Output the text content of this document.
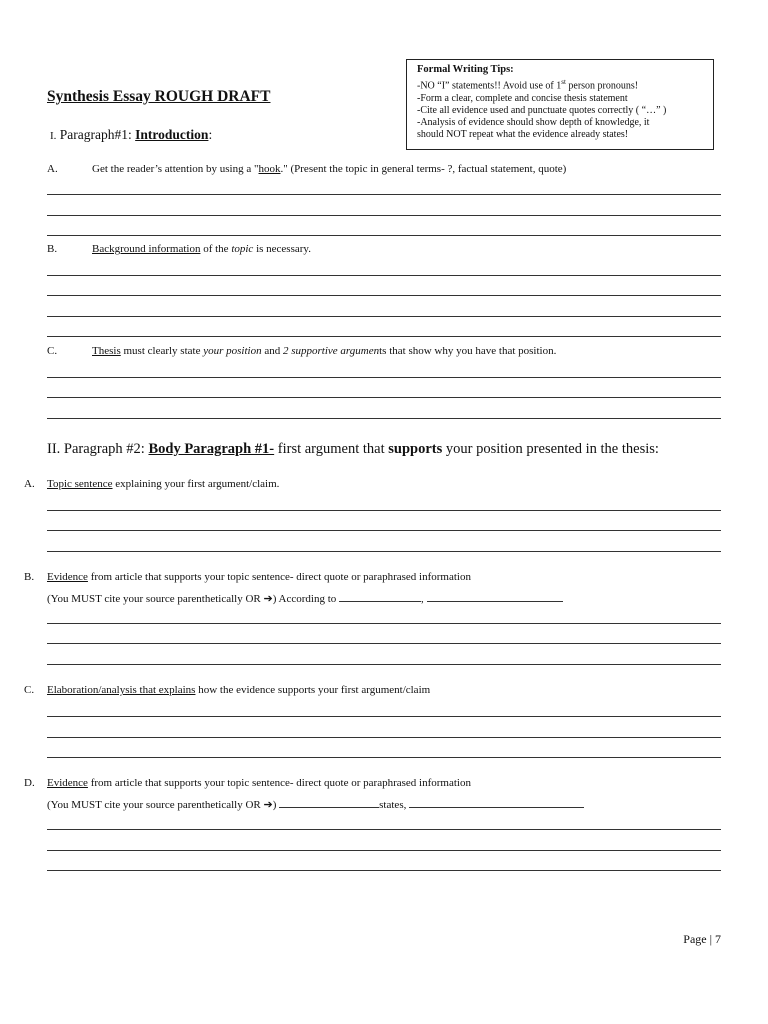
Formal Writing Tips:
-NO “I” statements!! Avoid use of 1st person pronouns!
-Form a clear, complete and concise thesis statement
-Cite all evidence used and punctuate quotes correctly ( “…” )
-Analysis of evidence should show depth of knowledge, it
should NOT repeat what the evidence already states!
Synthesis Essay ROUGH DRAFT
I. Paragraph#1: Introduction:
A.	Get the reader’s attention by using a "hook." (Present the topic in general terms- ?, factual statement, quote)
B.	Background information of the topic is necessary.
C.	Thesis must clearly state your position and 2 supportive arguments that show why you have that position.
II. Paragraph #2: Body Paragraph #1- first argument that supports your position presented in the thesis:
A. Topic sentence explaining your first argument/claim.
B. Evidence from article that supports your topic sentence- direct quote or paraphrased information
(You MUST cite your source parenthetically OR ➔) According to	,
C. Elaboration/analysis that explains how the evidence supports your first argument/claim
D. Evidence from article that supports your topic sentence- direct quote or paraphrased information
(You MUST cite your source parenthetically OR ➔)	states,
Page | 7
